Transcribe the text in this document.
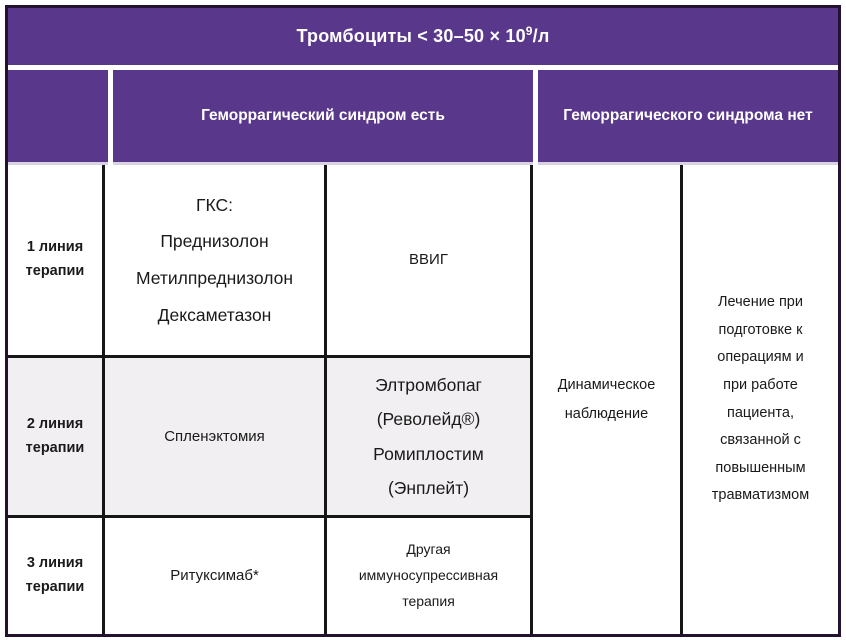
Тромбоциты < $30-50 \times 10^9/л$
Геморрагический синдром есть	Геморрагического синдрома нет
1 линия
терапии
ГКС:
Преднизолон
Метилпреднизолон
Дексаметазон
ВВИГ
Динамическое
наблюдение
Лечение при
подготовке к
операциям и
при работе
пациента,
связанной с
повышенным
травматизмом
2 линия
терапии
Спленэктомия
Элтромбопаг
(Револейд®)
Ромиплостим
(Энплейт)
3 линия
терапии
Ритуксимаб*
Другая
иммуносупрессивная
терапия
